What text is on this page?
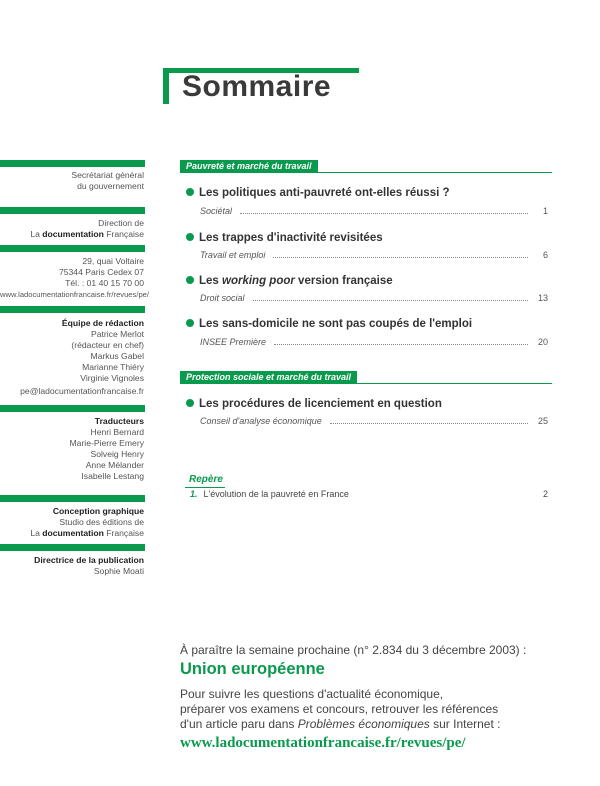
Sommaire
Secrétariat général
du gouvernement
Direction de
La documentation Française
29, quai Voltaire
75344 Paris Cedex 07
Tél. : 01 40 15 70 00
www.ladocumentationfrancaise.fr/revues/pe/
Équipe de rédaction
Patrice Merlot
(rédacteur en chef)
Markus Gabel
Marianne Thiéry
Virginie Vignoles
pe@ladocumentationfrancaise.fr
Traducteurs
Henri Bernard
Marie-Pierre Emery
Solveig Henry
Anne Mélander
Isabelle Lestang
Conception graphique
Studio des éditions de
La documentation Française
Directrice de la publication
Sophie Moati
Pauvreté et marché du travail
Les politiques anti-pauvreté ont-elles réussi ?
Sociétal	1
Les trappes d'inactivité revisitées
Travail et emploi	6
Les working poor version française
Droit social	13
Les sans-domicile ne sont pas coupés de l'emploi
INSEE Première	20
Protection sociale et marché du travail
Les procédures de licenciement en question
Conseil d'analyse économique	25
Repère
1. L'évolution de la pauvreté en France	2
À paraître la semaine prochaine (n° 2.834 du 3 décembre 2003) :
Union européenne
Pour suivre les questions d'actualité économique,
préparer vos examens et concours, retrouver les références
d'un article paru dans Problèmes économiques sur Internet :
www.ladocumentationfrancaise.fr/revues/pe/
